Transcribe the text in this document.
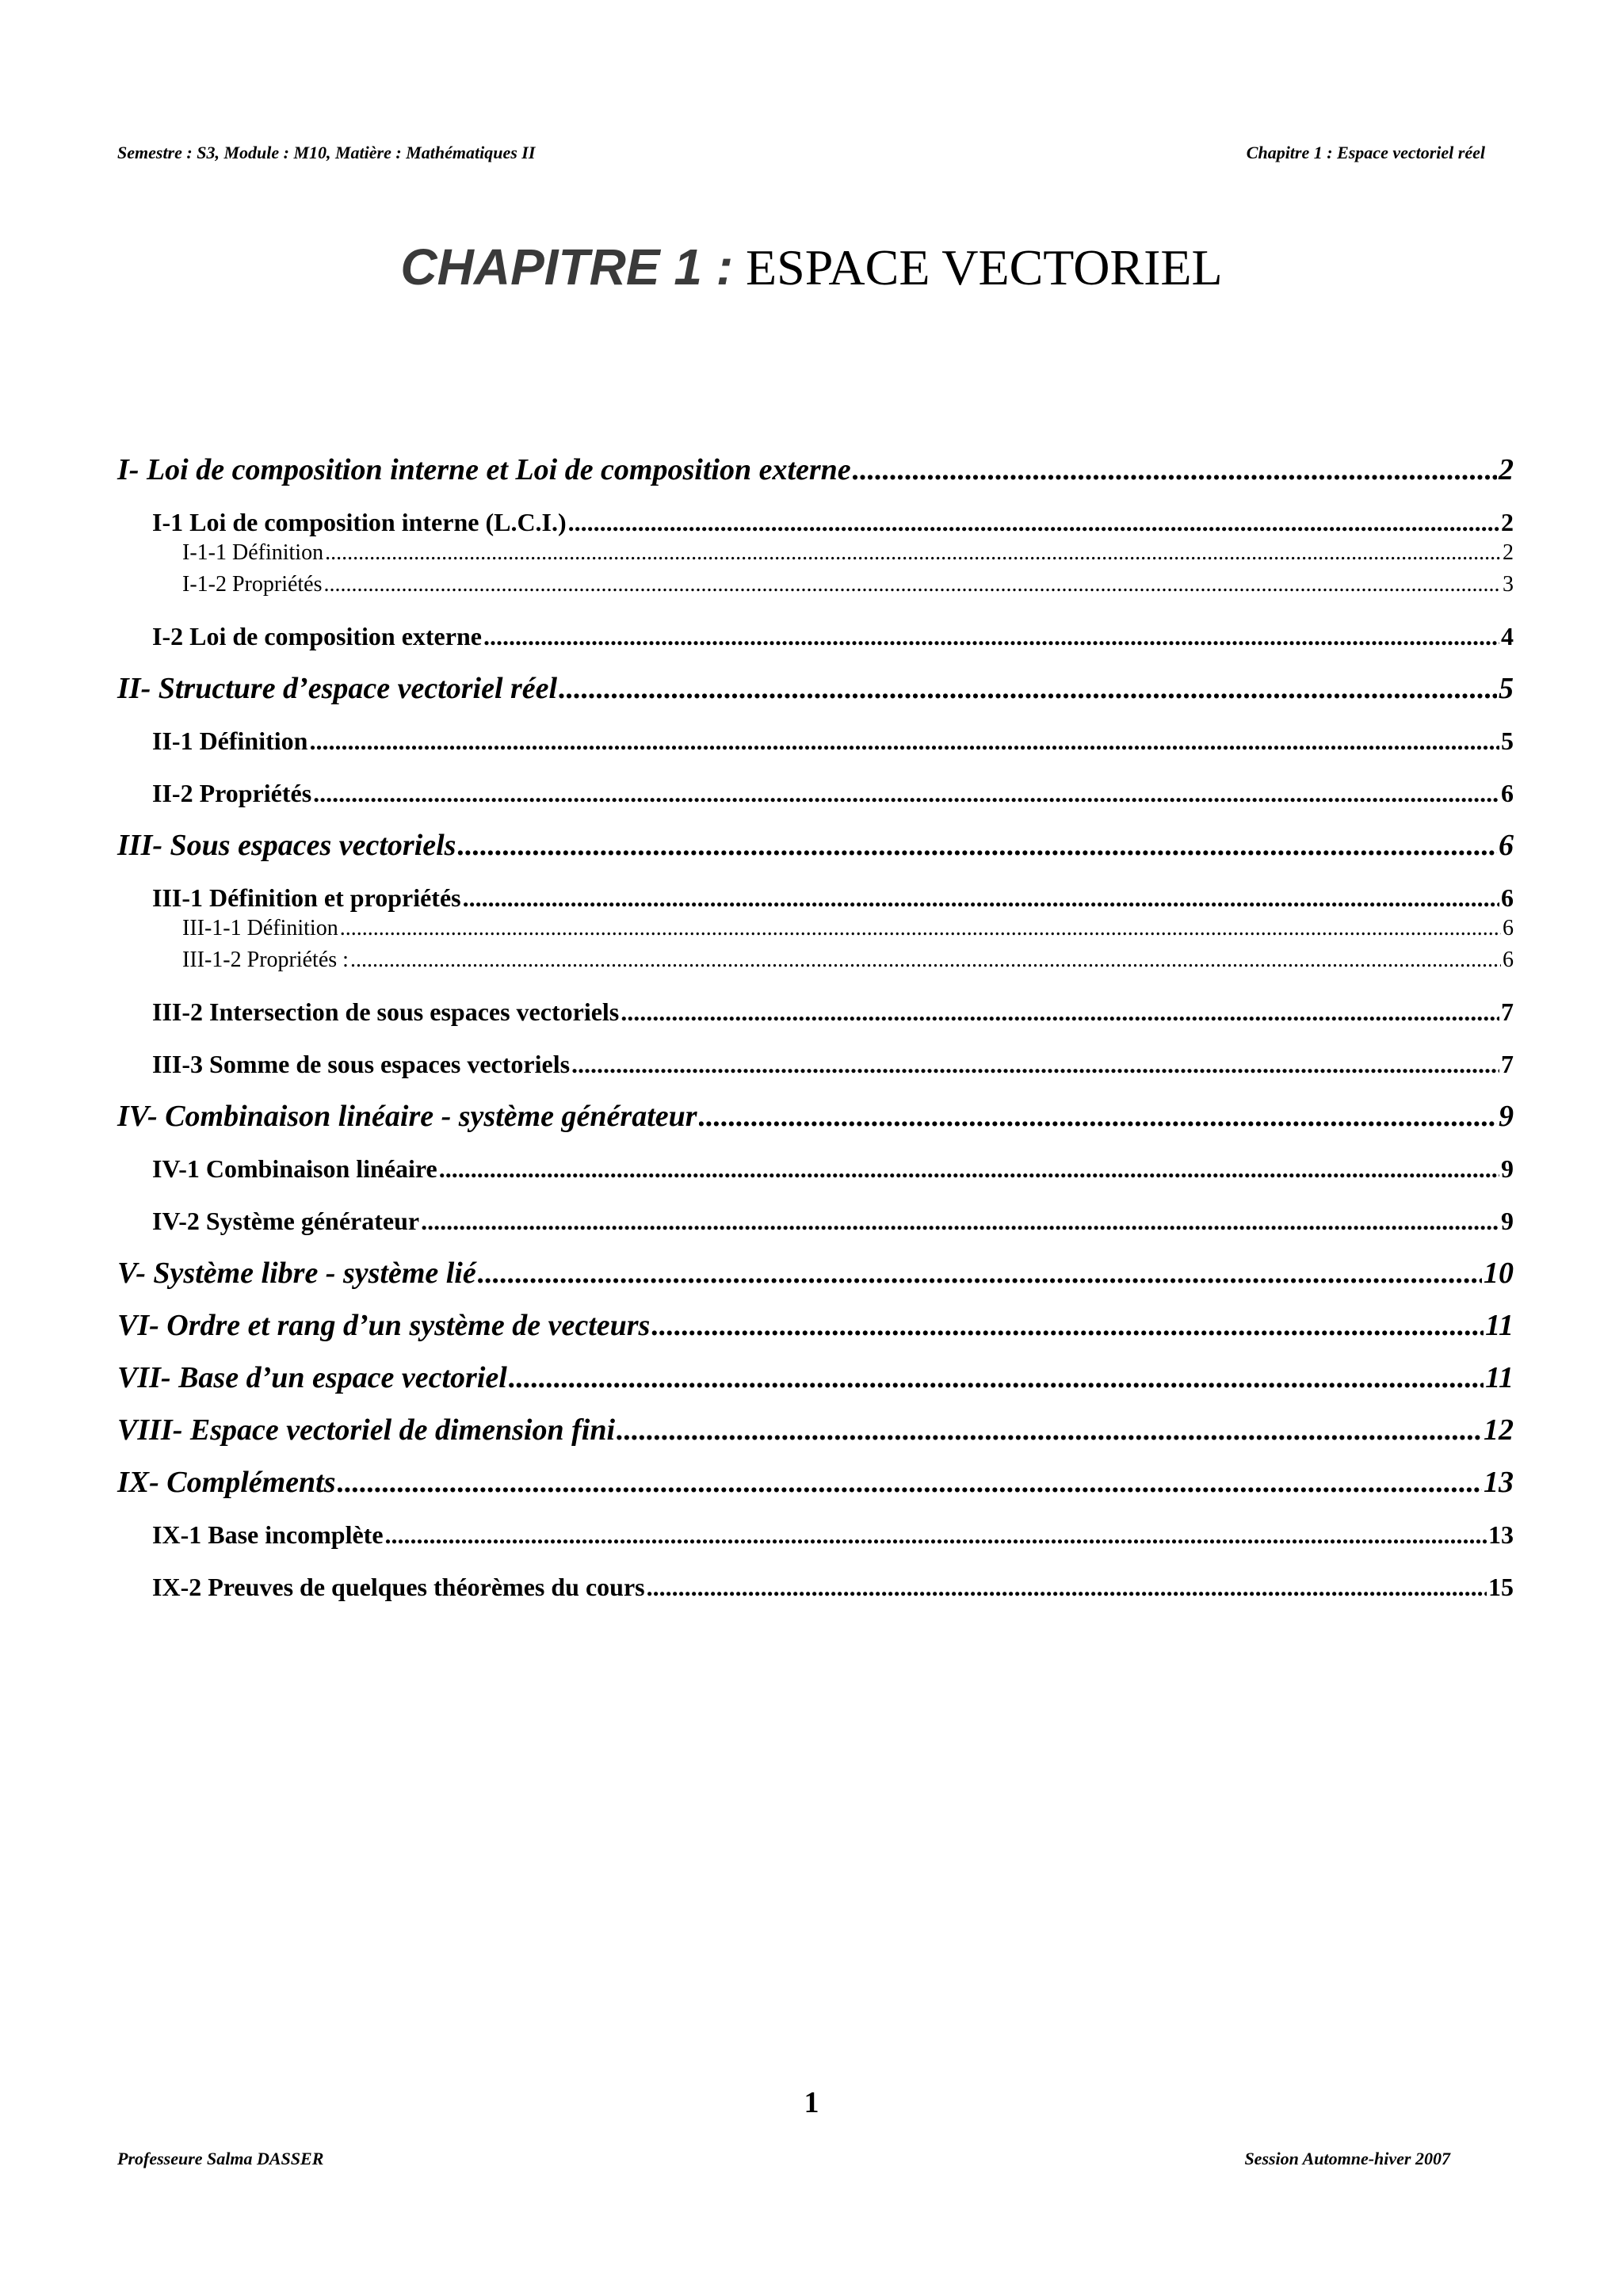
Semestre : S3, Module : M10, Matière : Mathématiques II	Chapitre 1 : Espace vectoriel réel
CHAPITRE 1 : ESPACE VECTORIEL
I- Loi de composition interne et Loi de composition externe .....	2
I-1 Loi de composition interne (L.C.I.) .....	2
I-1-1 Définition .....	2
I-1-2 Propriétés .....	3
I-2 Loi de composition externe .....	4
II- Structure d’espace vectoriel réel .....	5
II-1 Définition .....	5
II-2 Propriétés .....	6
III- Sous espaces vectoriels .....	6
III-1 Définition et propriétés .....	6
III-1-1 Définition .....	6
III-1-2 Propriétés : .....	6
III-2 Intersection de sous espaces vectoriels .....	7
III-3 Somme de sous espaces vectoriels .....	7
IV- Combinaison linéaire - système générateur .....	9
IV-1 Combinaison linéaire .....	9
IV-2 Système générateur .....	9
V- Système libre - système lié .....	10
VI- Ordre et rang d’un système de vecteurs .....	11
VII- Base d’un espace vectoriel .....	11
VIII- Espace vectoriel de dimension fini .....	12
IX- Compléments .....	13
IX-1 Base incomplète .....	13
IX-2 Preuves de quelques théorèmes du cours .....	15
1
Professeure Salma DASSER	Session Automne-hiver 2007
